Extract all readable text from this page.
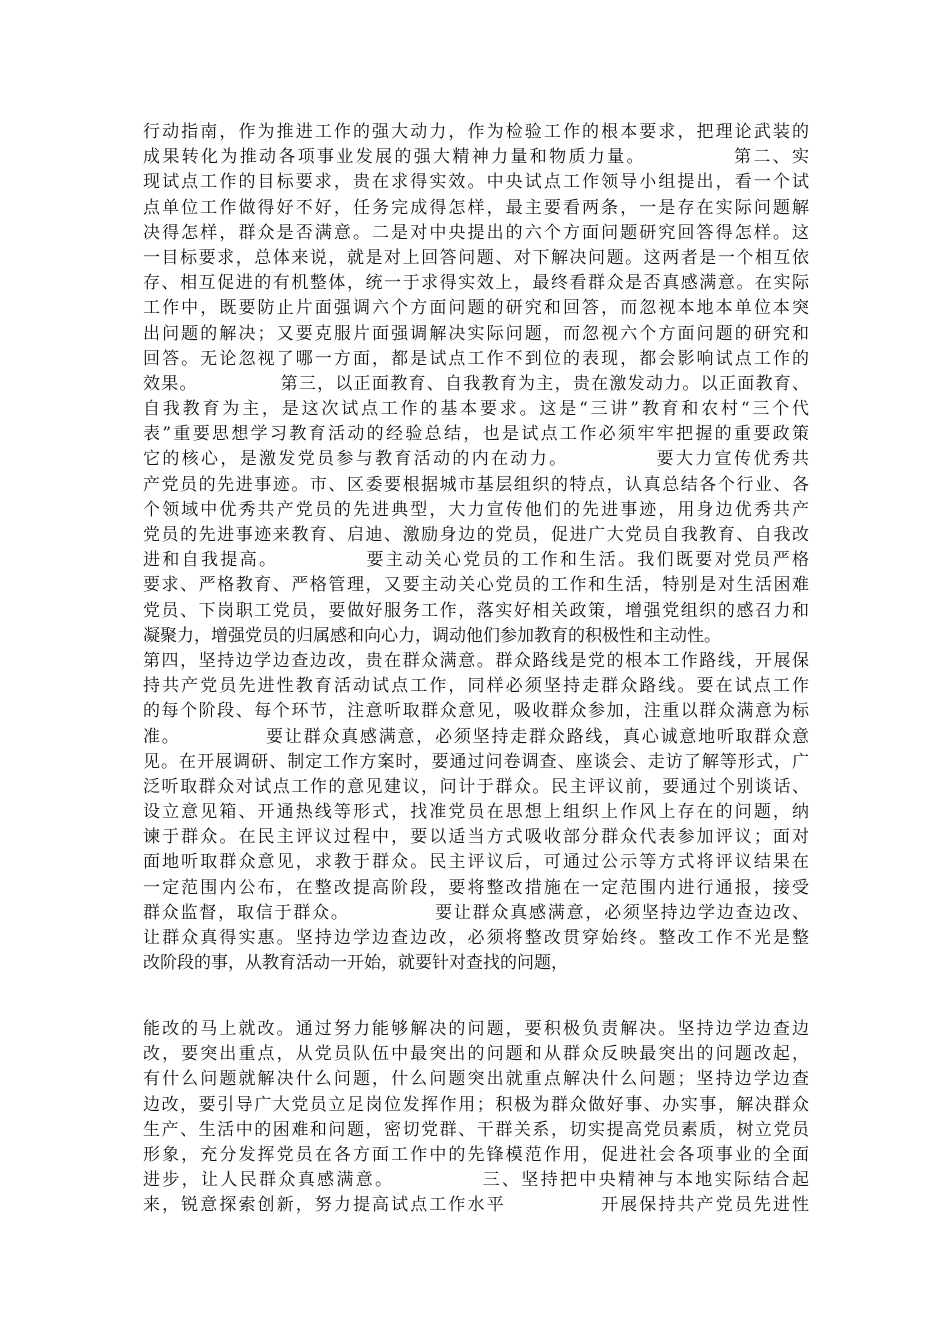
行动指南，作为推进工作的强大动力，作为检验工作的根本要求，把理论武装的
成果转化为推动各项事业发展的强大精神力量和物质力量。　　　　　第二、实
现试点工作的目标要求，贵在求得实效。中央试点工作领导小组提出，看一个试
点单位工作做得好不好，任务完成得怎样，最主要看两条，一是存在实际问题解
决得怎样，群众是否满意。二是对中央提出的六个方面问题研究回答得怎样。这
一目标要求，总体来说，就是对上回答问题、对下解决问题。这两者是一个相互依
存、相互促进的有机整体，统一于求得实效上，最终看群众是否真感满意。在实际
工作中，既要防止片面强调六个方面问题的研究和回答，而忽视本地本单位本突
出问题的解决；又要克服片面强调解决实际问题，而忽视六个方面问题的研究和
回答。无论忽视了哪一方面，都是试点工作不到位的表现，都会影响试点工作的
效果。　　　　　第三，以正面教育、自我教育为主，贵在激发动力。以正面教育、
自我教育为主，是这次试点工作的基本要求。这是“三讲”教育和农村“三个代
表”重要思想学习教育活动的经验总结，也是试点工作必须牢牢把握的重要政策
它的核心，是激发党员参与教育活动的内在动力。　　　　　要大力宣传优秀共
产党员的先进事迹。市、区委要根据城市基层组织的特点，认真总结各个行业、各
个领域中优秀共产党员的先进典型，大力宣传他们的先进事迹，用身边优秀共产
党员的先进事迹来教育、启迪、激励身边的党员，促进广大党员自我教育、自我改
进和自我提高。　　　　　要主动关心党员的工作和生活。我们既要对党员严格
要求、严格教育、严格管理，又要主动关心党员的工作和生活，特别是对生活困难
党员、下岗职工党员，要做好服务工作，落实好相关政策，增强党组织的感召力和
凝聚力，增强党员的归属感和向心力，调动他们参加教育的积极性和主动性。
第四，坚持边学边查边改，贵在群众满意。群众路线是党的根本工作路线，开展保
持共产党员先进性教育活动试点工作，同样必须坚持走群众路线。要在试点工作
的每个阶段、每个环节，注意听取群众意见，吸收群众参加，注重以群众满意为标
准。　　　　　要让群众真感满意，必须坚持走群众路线，真心诚意地听取群众意
见。在开展调研、制定工作方案时，要通过问卷调查、座谈会、走访了解等形式，广
泛听取群众对试点工作的意见建议，问计于群众。民主评议前，要通过个别谈话、
设立意见箱、开通热线等形式，找准党员在思想上组织上作风上存在的问题，纳
谏于群众。在民主评议过程中，要以适当方式吸收部分群众代表参加评议；面对
面地听取群众意见，求教于群众。民主评议后，可通过公示等方式将评议结果在
一定范围内公布，在整改提高阶段，要将整改措施在一定范围内进行通报，接受
群众监督，取信于群众。　　　　　要让群众真感满意，必须坚持边学边查边改、
让群众真得实惠。坚持边学边查边改，必须将整改贯穿始终。整改工作不光是整
改阶段的事，从教育活动一开始，就要针对查找的问题，
能改的马上就改。通过努力能够解决的问题，要积极负责解决。坚持边学边查边
改，要突出重点，从党员队伍中最突出的问题和从群众反映最突出的问题改起，
有什么问题就解决什么问题，什么问题突出就重点解决什么问题；坚持边学边查
边改，要引导广大党员立足岗位发挥作用；积极为群众做好事、办实事，解决群众
生产、生活中的困难和问题，密切党群、干群关系，切实提高党员素质，树立党员
形象，充分发挥党员在各方面工作中的先锋模范作用，促进社会各项事业的全面
进步，让人民群众真感满意。　　　　　三、坚持把中央精神与本地实际结合起
来，锐意探索创新，努力提高试点工作水平　　　　　开展保持共产党员先进性
